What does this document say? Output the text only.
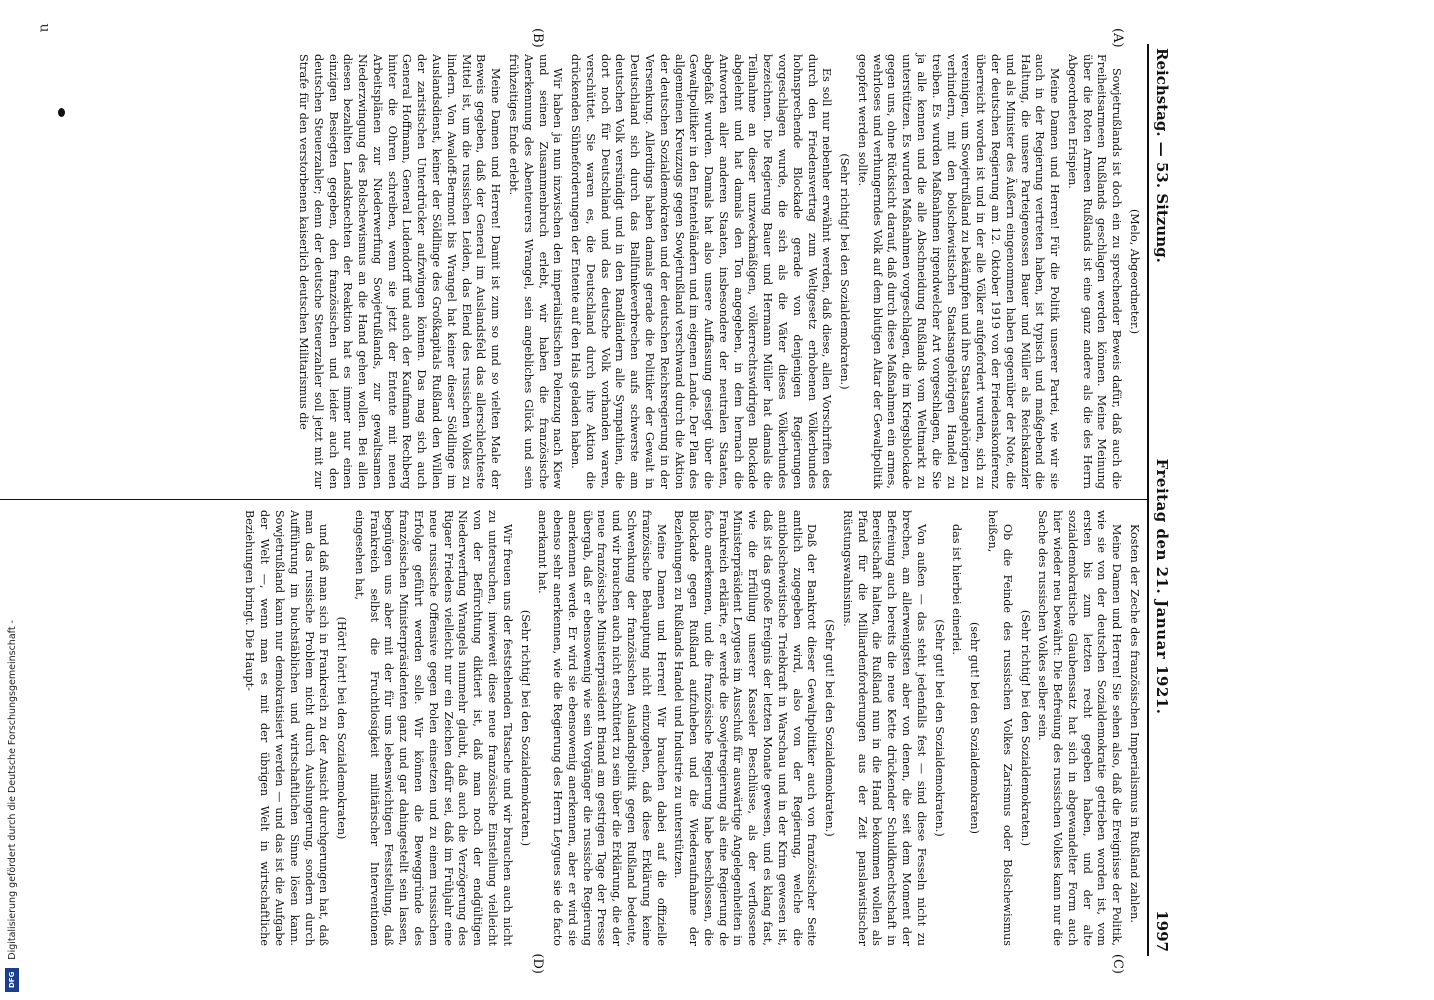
Digitalisierung gefördert durch die Deutsche Forschungsgemeinschaft -
DFG
u
Reichstag. — 53. Sitzung.
Freitag den 21. Januar 1921.
1997

(Melo, Abgeordneter.)

Sowjetrußlands ist doch ein zu sprechender Beweis dafür, daß auch die Freiheitsarmeen Rußlands geschlagen werden können. Meine Meinung über die Roten Armeen Rußlands ist eine ganz andere als die des Herrn Abgeordneten Erispien.

Meine Damen und Herren! Für die Politik unserer Partei, wie wir sie auch in der Regierung vertreten haben, ist typisch und maßgebend die Haltung, die unsere Parteigenossen Bauer und Müller als Reichskanzler und als Minister des Äußern eingenommen haben gegenüber der Note, die der deutschen Regierung am 12. Oktober 1919 von der Friedenskonferenz überreicht worden ist und in der alle Völker aufgefordert wurden, sich zu vereinigen, um Sowjetrußland zu bekämpfen und ihre Staatsangehörigen zu verhindern, mit den bolschewistischen Staatsangehörigen Handel zu treiben. Es wurden Maßnahmen irgendwelcher Art vorgeschlagen, die Sie ja alle kennen und die alle Abschneidung Rußlands vom Weltmarkt zu unterstützen. Es wurden Maßnahmen vorgeschlagen, die im Kriegsblockade gegen uns, ohne Rücksicht darauf, daß durch diese Maßnahmen ein armes, wehrloses und verhungerndes Volk auf dem blutigen Altar der Gewaltpolitik geopfert werden sollte.

(Sehr richtig! bei den Sozialdemokraten.)

Es soll nur nebenher erwähnt werden, daß diese, allen Vorschriften des durch den Friedensvertrag zum Weltgesetz erhobenen Völkerbundes hohnsprechende Blockade gerade von denjenigen Regierungen vorgeschlagen wurde, die sich als die Väter dieses Völkerbundes bezeichnen. Die Regierung Bauer und Hermann Müller hat damals die Teilnahme an dieser unzweckmäßigen, völkerrechtswidrigen Blockade abgelehnt und hat damals den Ton angegeben, in dem hernach die Antworten aller anderen Staaten, insbesondere der neutralen Staaten, abgefaßt wurden. Damals hat also unsere Auffassung gesiegt über die Gewaltpolitiker in den Ententeländern und im eigenen Lande. Der Plan des allgemeinen Kreuzzugs gegen Sowjetrußland verschwand durch die Aktion der deutschen Sozialdemokraten und der deutschen Reichsregierung in der Versenkung. Allerdings haben damals gerade die Politiker der Gewalt in Deutschland sich durch das Ballfunkeverbrechen aufs schwerste am deutschen Volk versündigt und in den Randländern alle Sympathien, die dort noch für Deutschland und das deutsche Volk vorhanden waren, verschüttet. Sie waren es, die Deutschland durch ihre Aktion die drückenden Sühneforderungen der Entente auf den Hals geladen haben.

Wir haben ja nun inzwischen den imperialistischen Polenzug nach Kiew und seinen Zusammenbruch erlebt, wir haben die französische Anerkennung des Abenteurers Wrangel, sein angebliches Glück und sein frühzeitiges Ende erlebt.

Meine Damen und Herren! Damit ist zum so und so vielten Male der Beweis gegeben, daß der General im Auslandsfeld das allerschlechteste Mittel ist, um die russischen Leiden, das Elend des russischen Volkes zu lindern. Von Awaloff-Bermont bis Wrangel hat keiner dieser Söldlinge im Auslandsdienst, keiner der Söldlinge des Großkapitals Rußland den Willen der zaristischen Unterdrücker aufzwingen können. Das mag sich auch General Hoffmann, General Ludendorff und auch der Kaufmann Rechberg hinter die Ohren schreiben, wenn sie jetzt der Entente mit neuen Arbeitsplänen zur Niederwerfung Sowjetrußlands, zur gewaltsamen Niederzwingung des Bolschewismus an die Hand gehen wollen. Bei allen diesen bezahlten Landsknechten der Reaktion hat es immer nur einen einzigen Besiegten gegeben, den französischen und leider auch den deutschen Steuerzahler; denn der deutsche Steuerzahler soll jetzt mit zur Strafe für den verstorbenen kaiserlich deutschen Militarismus die

Kosten der Zeche des französischen Imperialismus in Rußland zahlen.

Meine Damen und Herren! Sie sehen also, daß die Ereignisse der Politik, wie sie von der deutschen Sozialdemokratie getrieben worden ist, vom ersten bis zum letzten recht gegeben haben, und der alte sozialdemokratische Glaubenssatz hat sich in abgewandelter Form auch hier wieder neu bewährt: Die Befreiung des russischen Volkes kann nur die Sache des russischen Volkes selber sein.

(Sehr richtig! bei den Sozialdemokraten.)

Ob die Feinde des russischen Volkes Zarismus oder Bolschewismus heißen,

(sehr gut! bei den Sozialdemokraten)

das ist hierbei einerlei.

(Sehr gut! bei den Sozialdemokraten.)

Von außen — das steht jedenfalls fest — sind diese Fesseln nicht zu brechen, am allerwenigsten aber von denen, die seit dem Moment der Befreiung auch bereits die neue Kette drückender Schuldknechtschaft in Bereitschaft halten, die Rußland nun in die Hand bekommen wollen als Pfand für die Milliardenforderungen aus der Zeit panslawistischer Rüstungswahnsinns.

(Sehr gut! bei den Sozialdemokraten.)

Daß der Bankrott dieser Gewaltpolitiker auch von französischer Seite amtlich zugegeben wird, also von der Regierung, welche die antibolschewistische Triebkraft in Warschau und in der Krim gewesen ist, daß ist das große Ereignis der letzten Monate gewesen, und es klang fast, wie die Erfüllung unserer Kasseler Beschlüsse, als der verflossene Ministerpräsident Leygues im Ausschuß für auswärtige Angelegenheiten in Frankreich erklärte, er werde die Sowjetregierung als eine Regierung de facto anerkennen, und die französische Regierung habe beschlossen, die Blockade gegen Rußland aufzuheben und die Wiederaufnahme der Beziehungen zu Rußlands Handel und Industrie zu unterstützen.

Meine Damen und Herren! Wir brauchen dabei auf die offizielle französische Behauptung nicht einzugehen, daß diese Erklärung keine Schwenkung der französischen Auslandspolitik gegen Rußland bedeute, und wir brauchen auch nicht erschüttert zu sein über die Erklärung, die der neue französische Ministerpräsident Briand am gestrigen Tage der Presse übergab, daß er ebensowenig wie sein Vorgänger die russische Regierung anerkennen werde. Er wird sie ebensowenig anerkennen, aber er wird sie ebenso sehr anerkennen, wie die Regierung des Herrn Leygues sie de facto anerkannt hat.

(Sehr richtig! bei den Sozialdemokraten.)

Wir freuen uns der feststehenden Tatsache und wir brauchen auch nicht zu untersuchen, inwieweit diese neue französische Einstellung vielleicht von der Befürchtung diktiert ist, daß man noch der endgültigen Niederwerfung Wrangels nunmehr glaubt, daß auch die Verzögerung des Rigaer Friedens vielleicht nur ein Zeichen dafür sei, daß im Frühjahr eine neue russische Offensive gegen Polen einsetzen und zu einem russischen Erfolge geführt werden solle. Wir können die Beweggründe des französischen Ministerpräsidenten ganz und gar dahingestellt sein lassen, begnügen uns aber mit der für uns lebenswichtigen Feststellung, daß Frankreich selbst die Fruchtlosigkeit militärischer Interventionen eingesehen hat,

(Hört! hört! bei den Sozialdemokraten)

und daß man sich in Frankreich zu der Ansicht durchgerungen hat, daß man das russische Problem nicht durch Aushungerung, sondern durch Aufführung im buchstäblichen und wirtschaftlichen Sinne lösen kann. Sowjetrußland kann nur demokratisiert werden — und das ist die Aufgabe der Welt —, wenn man es mit der übrigen Welt in wirtschaftliche Beziehungen bringt. Die Haupt-

(A)
(B)
(C)
(D)
